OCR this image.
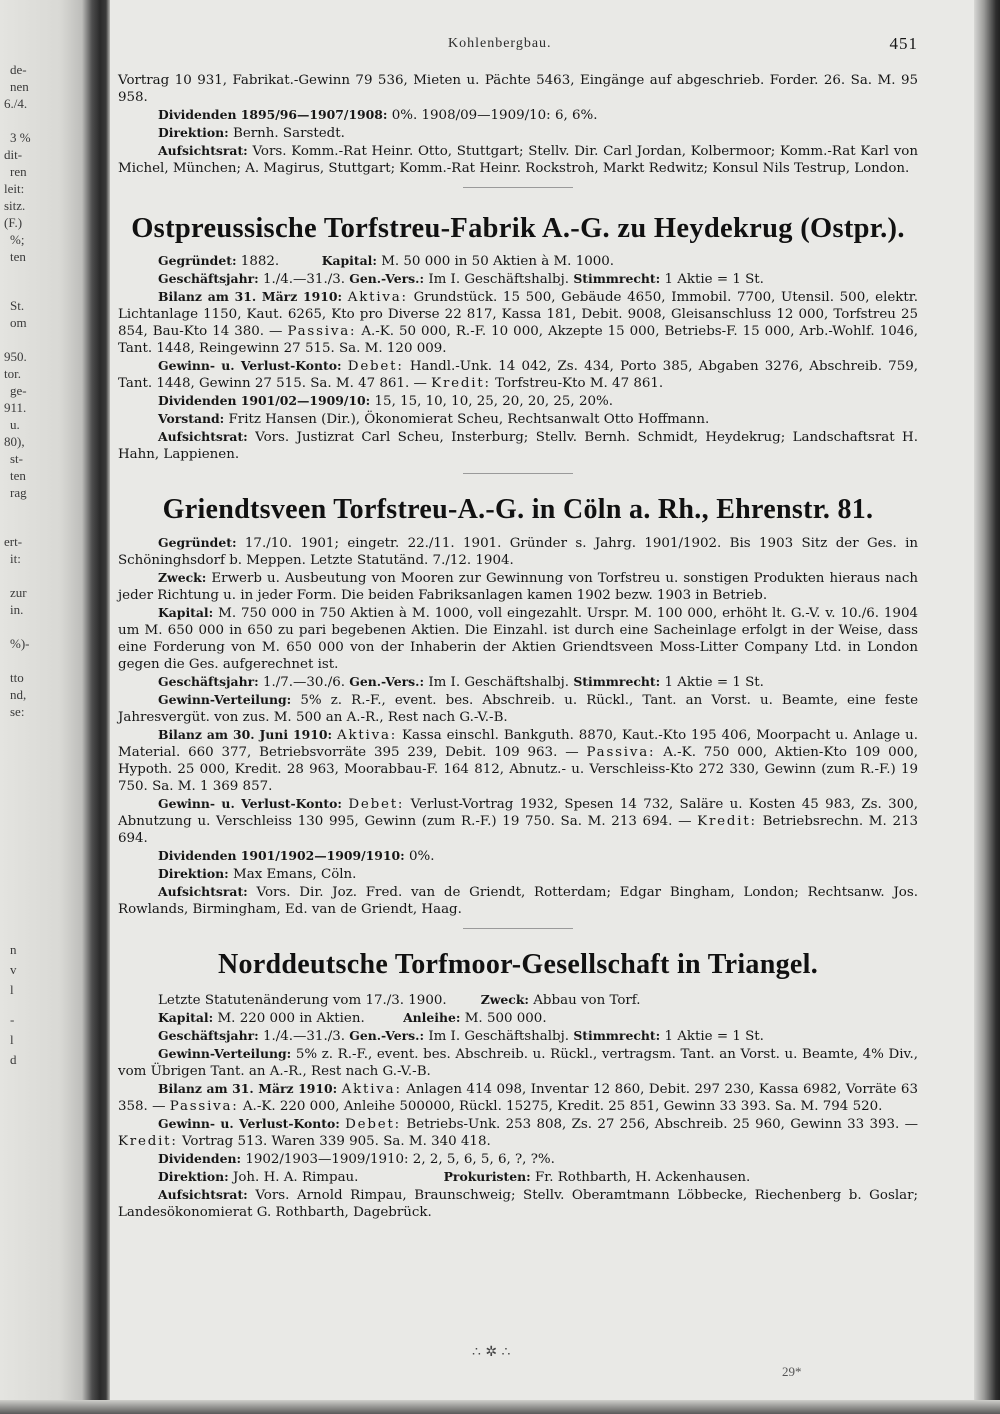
de-
nen
6./4.
3 %
dit-
ren
leit:
sitz.
(F.)
%;
ten
St.
om
950.
tor.
ge-
911.
u.
80),
st-
ten
rag
ert-
it:
zur
in.
%)-
tto
nd,
se:
n
v
l
-
l
d
Kohlenbergbau.	451

Vortrag 10 931, Fabrikat.-Gewinn 79 536, Mieten u. Pächte 5463, Eingänge auf abgeschrieb. Forder. 26. Sa. M. 95 958.

Dividenden 1895/96—1907/1908: 0%. 1908/09—1909/10: 6, 6%.

Direktion: Bernh. Sarstedt.

Aufsichtsrat: Vors. Komm.-Rat Heinr. Otto, Stuttgart; Stellv. Dir. Carl Jordan, Kolbermoor; Komm.-Rat Karl von Michel, München; A. Magirus, Stuttgart; Komm.-Rat Heinr. Rockstroh, Markt Redwitz; Konsul Nils Testrup, London.

Ostpreussische Torfstreu-Fabrik A.-G. zu Heydekrug (Ostpr.).

Gegründet: 1882.	Kapital: M. 50 000 in 50 Aktien à M. 1000.

Geschäftsjahr: 1./4.—31./3. Gen.-Vers.: Im I. Geschäftshalbj. Stimmrecht: 1 Aktie = 1 St.

Bilanz am 31. März 1910: Aktiva: Grundstück. 15 500, Gebäude 4650, Immobil. 7700, Utensil. 500, elektr. Lichtanlage 1150, Kaut. 6265, Kto pro Diverse 22 817, Kassa 181, Debit. 9008, Gleisanschluss 12 000, Torfstreu 25 854, Bau-Kto 14 380. — Passiva: A.-K. 50 000, R.-F. 10 000, Akzepte 15 000, Betriebs-F. 15 000, Arb.-Wohlf. 1046, Tant. 1448, Reingewinn 27 515. Sa. M. 120 009.

Gewinn- u. Verlust-Konto: Debet: Handl.-Unk. 14 042, Zs. 434, Porto 385, Abgaben 3276, Abschreib. 759, Tant. 1448, Gewinn 27 515. Sa. M. 47 861. — Kredit: Torfstreu-Kto M. 47 861.

Dividenden 1901/02—1909/10: 15, 15, 10, 10, 25, 20, 20, 25, 20%.

Vorstand: Fritz Hansen (Dir.), Ökonomierat Scheu, Rechtsanwalt Otto Hoffmann.

Aufsichtsrat: Vors. Justizrat Carl Scheu, Insterburg; Stellv. Bernh. Schmidt, Heydekrug; Landschaftsrat H. Hahn, Lappienen.

Griendtsveen Torfstreu-A.-G. in Cöln a. Rh., Ehrenstr. 81.

Gegründet: 17./10. 1901; eingetr. 22./11. 1901. Gründer s. Jahrg. 1901/1902. Bis 1903 Sitz der Ges. in Schöninghsdorf b. Meppen. Letzte Statutänd. 7./12. 1904.

Zweck: Erwerb u. Ausbeutung von Mooren zur Gewinnung von Torfstreu u. sonstigen Produkten hieraus nach jeder Richtung u. in jeder Form. Die beiden Fabriksanlagen kamen 1902 bezw. 1903 in Betrieb.

Kapital: M. 750 000 in 750 Aktien à M. 1000, voll eingezahlt. Urspr. M. 100 000, erhöht lt. G.-V. v. 10./6. 1904 um M. 650 000 in 650 zu pari begebenen Aktien. Die Einzahl. ist durch eine Sacheinlage erfolgt in der Weise, dass eine Forderung von M. 650 000 von der Inhaberin der Aktien Griendtsveen Moss-Litter Company Ltd. in London gegen die Ges. aufgerechnet ist.

Geschäftsjahr: 1./7.—30./6. Gen.-Vers.: Im I. Geschäftshalbj. Stimmrecht: 1 Aktie = 1 St.

Gewinn-Verteilung: 5% z. R.-F., event. bes. Abschreib. u. Rückl., Tant. an Vorst. u. Beamte, eine feste Jahresvergüt. von zus. M. 500 an A.-R., Rest nach G.-V.-B.

Bilanz am 30. Juni 1910: Aktiva: Kassa einschl. Bankguth. 8870, Kaut.-Kto 195 406, Moorpacht u. Anlage u. Material. 660 377, Betriebsvorräte 395 239, Debit. 109 963. — Passiva: A.-K. 750 000, Aktien-Kto 109 000, Hypoth. 25 000, Kredit. 28 963, Moorabbau-F. 164 812, Abnutz.- u. Verschleiss-Kto 272 330, Gewinn (zum R.-F.) 19 750. Sa. M. 1 369 857.

Gewinn- u. Verlust-Konto: Debet: Verlust-Vortrag 1932, Spesen 14 732, Saläre u. Kosten 45 983, Zs. 300, Abnutzung u. Verschleiss 130 995, Gewinn (zum R.-F.) 19 750. Sa. M. 213 694. — Kredit: Betriebsrechn. M. 213 694.

Dividenden 1901/1902—1909/1910: 0%.

Direktion: Max Emans, Cöln.

Aufsichtsrat: Vors. Dir. Joz. Fred. van de Griendt, Rotterdam; Edgar Bingham, London; Rechtsanw. Jos. Rowlands, Birmingham, Ed. van de Griendt, Haag.

Norddeutsche Torfmoor-Gesellschaft in Triangel.

Letzte Statutenänderung vom 17./3. 1900.	Zweck: Abbau von Torf.

Kapital: M. 220 000 in Aktien.	Anleihe: M. 500 000.

Geschäftsjahr: 1./4.—31./3. Gen.-Vers.: Im I. Geschäftshalbj. Stimmrecht: 1 Aktie = 1 St.

Gewinn-Verteilung: 5% z. R.-F., event. bes. Abschreib. u. Rückl., vertragsm. Tant. an Vorst. u. Beamte, 4% Div., vom Übrigen Tant. an A.-R., Rest nach G.-V.-B.

Bilanz am 31. März 1910: Aktiva: Anlagen 414 098, Inventar 12 860, Debit. 297 230, Kassa 6982, Vorräte 63 358. — Passiva: A.-K. 220 000, Anleihe 500000, Rückl. 15275, Kredit. 25 851, Gewinn 33 393. Sa. M. 794 520.

Gewinn- u. Verlust-Konto: Debet: Betriebs-Unk. 253 808, Zs. 27 256, Abschreib. 25 960, Gewinn 33 393. — Kredit: Vortrag 513. Waren 339 905. Sa. M. 340 418.

Dividenden: 1902/1903—1909/1910: 2, 2, 5, 6, 5, 6, ?, ?%.

Direktion: Joh. H. A. Rimpau.	Prokuristen: Fr. Rothbarth, H. Ackenhausen.

Aufsichtsrat: Vors. Arnold Rimpau, Braunschweig; Stellv. Oberamtmann Löbbecke, Riechenberg b. Goslar; Landesökonomierat G. Rothbarth, Dagebrück.

∴ ✲ ∴
29*
